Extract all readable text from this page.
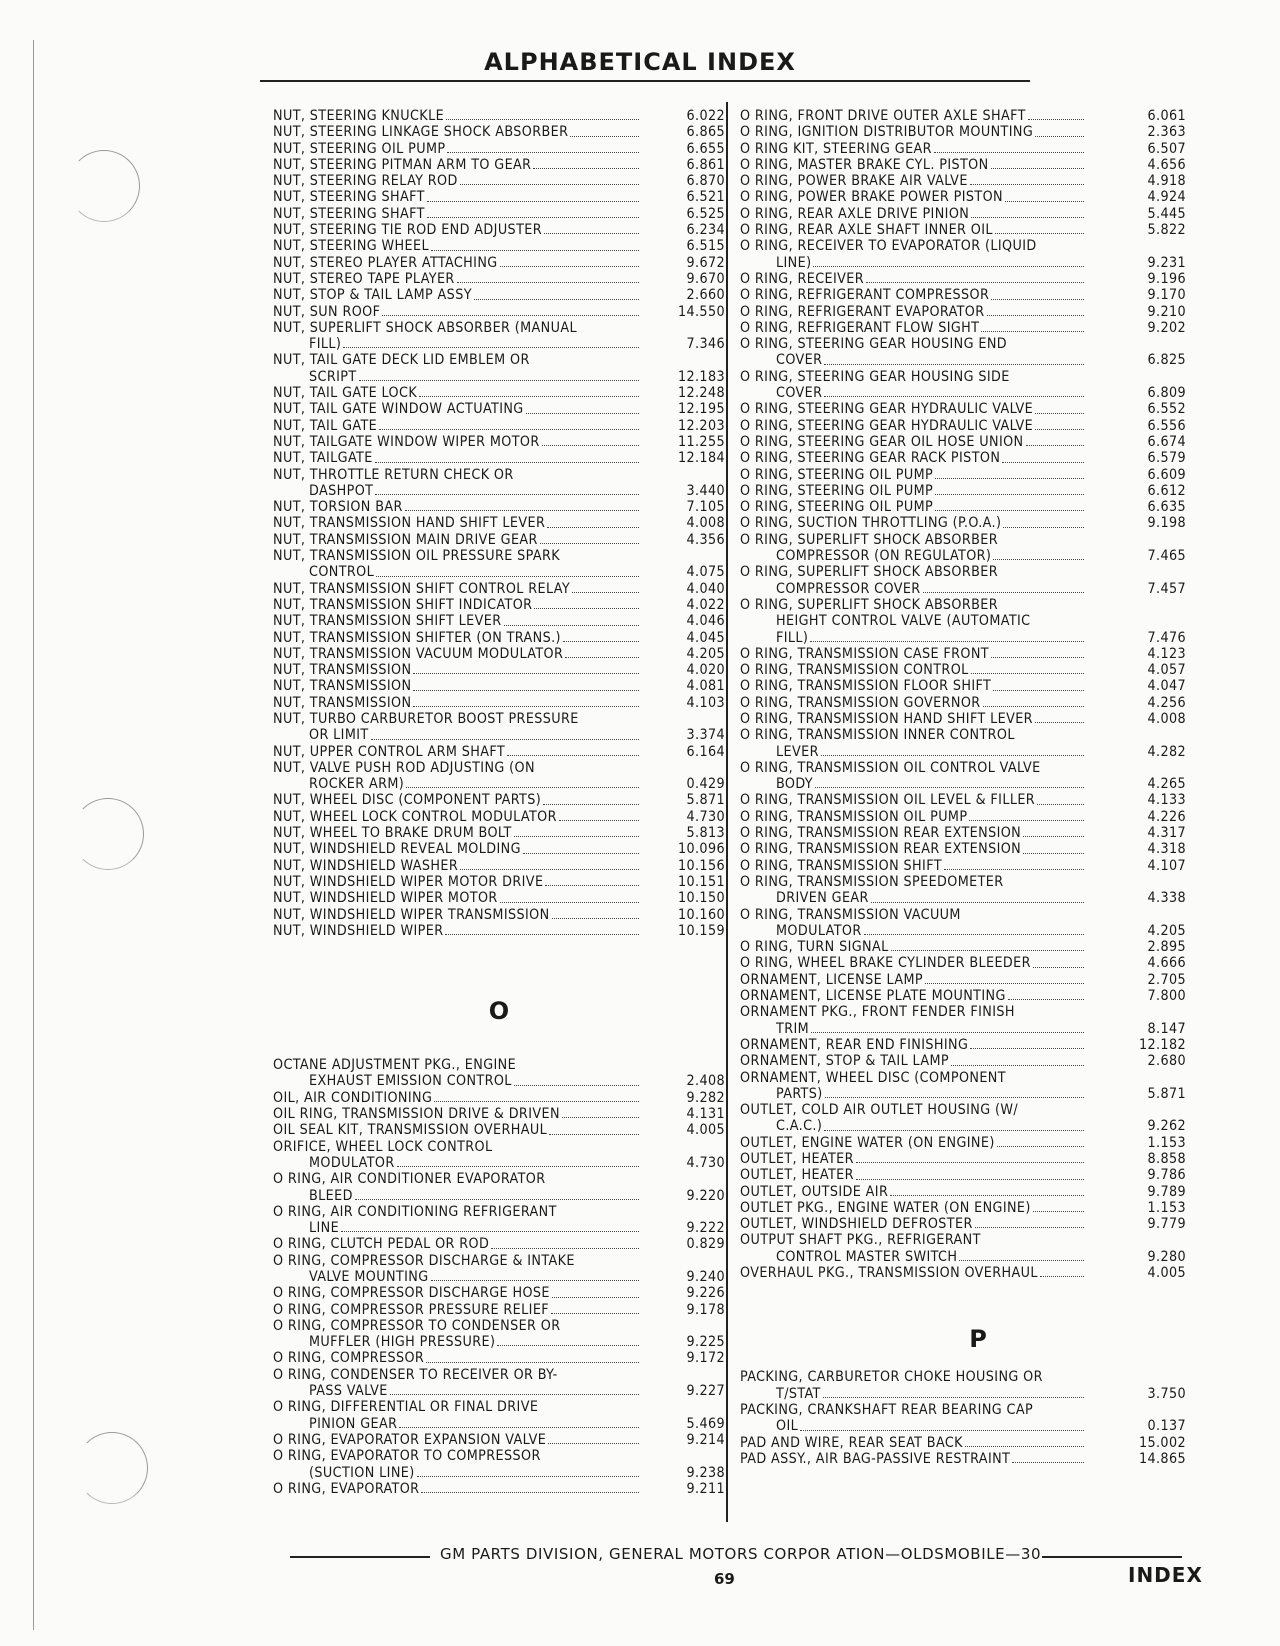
ALPHABETICAL INDEX
NUT, STEERING KNUCKLE	6.022
NUT, STEERING LINKAGE SHOCK ABSORBER	6.865
NUT, STEERING OIL PUMP	6.655
NUT, STEERING PITMAN ARM TO GEAR	6.861
NUT, STEERING RELAY ROD	6.870
NUT, STEERING SHAFT	6.521
NUT, STEERING SHAFT	6.525
NUT, STEERING TIE ROD END ADJUSTER	6.234
NUT, STEERING WHEEL	6.515
NUT, STEREO PLAYER ATTACHING	9.672
NUT, STEREO TAPE PLAYER	9.670
NUT, STOP & TAIL LAMP ASSY	2.660
NUT, SUN ROOF	14.550
NUT, SUPERLIFT SHOCK ABSORBER (MANUAL
FILL)	7.346
NUT, TAIL GATE DECK LID EMBLEM OR
SCRIPT	12.183
NUT, TAIL GATE LOCK	12.248
NUT, TAIL GATE WINDOW ACTUATING	12.195
NUT, TAIL GATE	12.203
NUT, TAILGATE WINDOW WIPER MOTOR	11.255
NUT, TAILGATE	12.184
NUT, THROTTLE RETURN CHECK OR
DASHPOT	3.440
NUT, TORSION BAR	7.105
NUT, TRANSMISSION HAND SHIFT LEVER	4.008
NUT, TRANSMISSION MAIN DRIVE GEAR	4.356
NUT, TRANSMISSION OIL PRESSURE SPARK
CONTROL	4.075
NUT, TRANSMISSION SHIFT CONTROL RELAY	4.040
NUT, TRANSMISSION SHIFT INDICATOR	4.022
NUT, TRANSMISSION SHIFT LEVER	4.046
NUT, TRANSMISSION SHIFTER (ON TRANS.)	4.045
NUT, TRANSMISSION VACUUM MODULATOR	4.205
NUT, TRANSMISSION	4.020
NUT, TRANSMISSION	4.081
NUT, TRANSMISSION	4.103
NUT, TURBO CARBURETOR BOOST PRESSURE
OR LIMIT	3.374
NUT, UPPER CONTROL ARM SHAFT	6.164
NUT, VALVE PUSH ROD ADJUSTING (ON
ROCKER ARM)	0.429
NUT, WHEEL DISC (COMPONENT PARTS)	5.871
NUT, WHEEL LOCK CONTROL MODULATOR	4.730
NUT, WHEEL TO BRAKE DRUM BOLT	5.813
NUT, WINDSHIELD REVEAL MOLDING	10.096
NUT, WINDSHIELD WASHER	10.156
NUT, WINDSHIELD WIPER MOTOR DRIVE	10.151
NUT, WINDSHIELD WIPER MOTOR	10.150
NUT, WINDSHIELD WIPER TRANSMISSION	10.160
NUT, WINDSHIELD WIPER	10.159
O
OCTANE ADJUSTMENT PKG., ENGINE
EXHAUST EMISSION CONTROL	2.408
OIL, AIR CONDITIONING	9.282
OIL RING, TRANSMISSION DRIVE & DRIVEN	4.131
OIL SEAL KIT, TRANSMISSION OVERHAUL	4.005
ORIFICE, WHEEL LOCK CONTROL
MODULATOR	4.730
O RING, AIR CONDITIONER EVAPORATOR
BLEED	9.220
O RING, AIR CONDITIONING REFRIGERANT
LINE	9.222
O RING, CLUTCH PEDAL OR ROD	0.829
O RING, COMPRESSOR DISCHARGE & INTAKE
VALVE MOUNTING	9.240
O RING, COMPRESSOR DISCHARGE HOSE	9.226
O RING, COMPRESSOR PRESSURE RELIEF	9.178
O RING, COMPRESSOR TO CONDENSER OR
MUFFLER (HIGH PRESSURE)	9.225
O RING, COMPRESSOR	9.172
O RING, CONDENSER TO RECEIVER OR BY-
PASS VALVE	9.227
O RING, DIFFERENTIAL OR FINAL DRIVE
PINION GEAR	5.469
O RING, EVAPORATOR EXPANSION VALVE	9.214
O RING, EVAPORATOR TO COMPRESSOR
(SUCTION LINE)	9.238
O RING, EVAPORATOR	9.211
O RING, FRONT DRIVE OUTER AXLE SHAFT	6.061
O RING, IGNITION DISTRIBUTOR MOUNTING	2.363
O RING KIT, STEERING GEAR	6.507
O RING, MASTER BRAKE CYL. PISTON	4.656
O RING, POWER BRAKE AIR VALVE	4.918
O RING, POWER BRAKE POWER PISTON	4.924
O RING, REAR AXLE DRIVE PINION	5.445
O RING, REAR AXLE SHAFT INNER OIL	5.822
O RING, RECEIVER TO EVAPORATOR (LIQUID
LINE)	9.231
O RING, RECEIVER	9.196
O RING, REFRIGERANT COMPRESSOR	9.170
O RING, REFRIGERANT EVAPORATOR	9.210
O RING, REFRIGERANT FLOW SIGHT	9.202
O RING, STEERING GEAR HOUSING END
COVER	6.825
O RING, STEERING GEAR HOUSING SIDE
COVER	6.809
O RING, STEERING GEAR HYDRAULIC VALVE	6.552
O RING, STEERING GEAR HYDRAULIC VALVE	6.556
O RING, STEERING GEAR OIL HOSE UNION	6.674
O RING, STEERING GEAR RACK PISTON	6.579
O RING, STEERING OIL PUMP	6.609
O RING, STEERING OIL PUMP	6.612
O RING, STEERING OIL PUMP	6.635
O RING, SUCTION THROTTLING (P.O.A.)	9.198
O RING, SUPERLIFT SHOCK ABSORBER
COMPRESSOR (ON REGULATOR)	7.465
O RING, SUPERLIFT SHOCK ABSORBER
COMPRESSOR COVER	7.457
O RING, SUPERLIFT SHOCK ABSORBER
HEIGHT CONTROL VALVE (AUTOMATIC
FILL)	7.476
O RING, TRANSMISSION CASE FRONT	4.123
O RING, TRANSMISSION CONTROL	4.057
O RING, TRANSMISSION FLOOR SHIFT	4.047
O RING, TRANSMISSION GOVERNOR	4.256
O RING, TRANSMISSION HAND SHIFT LEVER	4.008
O RING, TRANSMISSION INNER CONTROL
LEVER	4.282
O RING, TRANSMISSION OIL CONTROL VALVE
BODY	4.265
O RING, TRANSMISSION OIL LEVEL & FILLER	4.133
O RING, TRANSMISSION OIL PUMP	4.226
O RING, TRANSMISSION REAR EXTENSION	4.317
O RING, TRANSMISSION REAR EXTENSION	4.318
O RING, TRANSMISSION SHIFT	4.107
O RING, TRANSMISSION SPEEDOMETER
DRIVEN GEAR	4.338
O RING, TRANSMISSION VACUUM
MODULATOR	4.205
O RING, TURN SIGNAL	2.895
O RING, WHEEL BRAKE CYLINDER BLEEDER	4.666
ORNAMENT, LICENSE LAMP	2.705
ORNAMENT, LICENSE PLATE MOUNTING	7.800
ORNAMENT PKG., FRONT FENDER FINISH
TRIM	8.147
ORNAMENT, REAR END FINISHING	12.182
ORNAMENT, STOP & TAIL LAMP	2.680
ORNAMENT, WHEEL DISC (COMPONENT
PARTS)	5.871
OUTLET, COLD AIR OUTLET HOUSING (W/
C.A.C.)	9.262
OUTLET, ENGINE WATER (ON ENGINE)	1.153
OUTLET, HEATER	8.858
OUTLET, HEATER	9.786
OUTLET, OUTSIDE AIR	9.789
OUTLET PKG., ENGINE WATER (ON ENGINE)	1.153
OUTLET, WINDSHIELD DEFROSTER	9.779
OUTPUT SHAFT PKG., REFRIGERANT
CONTROL MASTER SWITCH	9.280
OVERHAUL PKG., TRANSMISSION OVERHAUL	4.005
P
PACKING, CARBURETOR CHOKE HOUSING OR
T/STAT	3.750
PACKING, CRANKSHAFT REAR BEARING CAP
OIL	0.137
PAD AND WIRE, REAR SEAT BACK	15.002
PAD ASSY., AIR BAG-PASSIVE RESTRAINT	14.865
GM PARTS DIVISION, GENERAL MOTORS CORPOR ATION—OLDSMOBILE—30
69	INDEX
